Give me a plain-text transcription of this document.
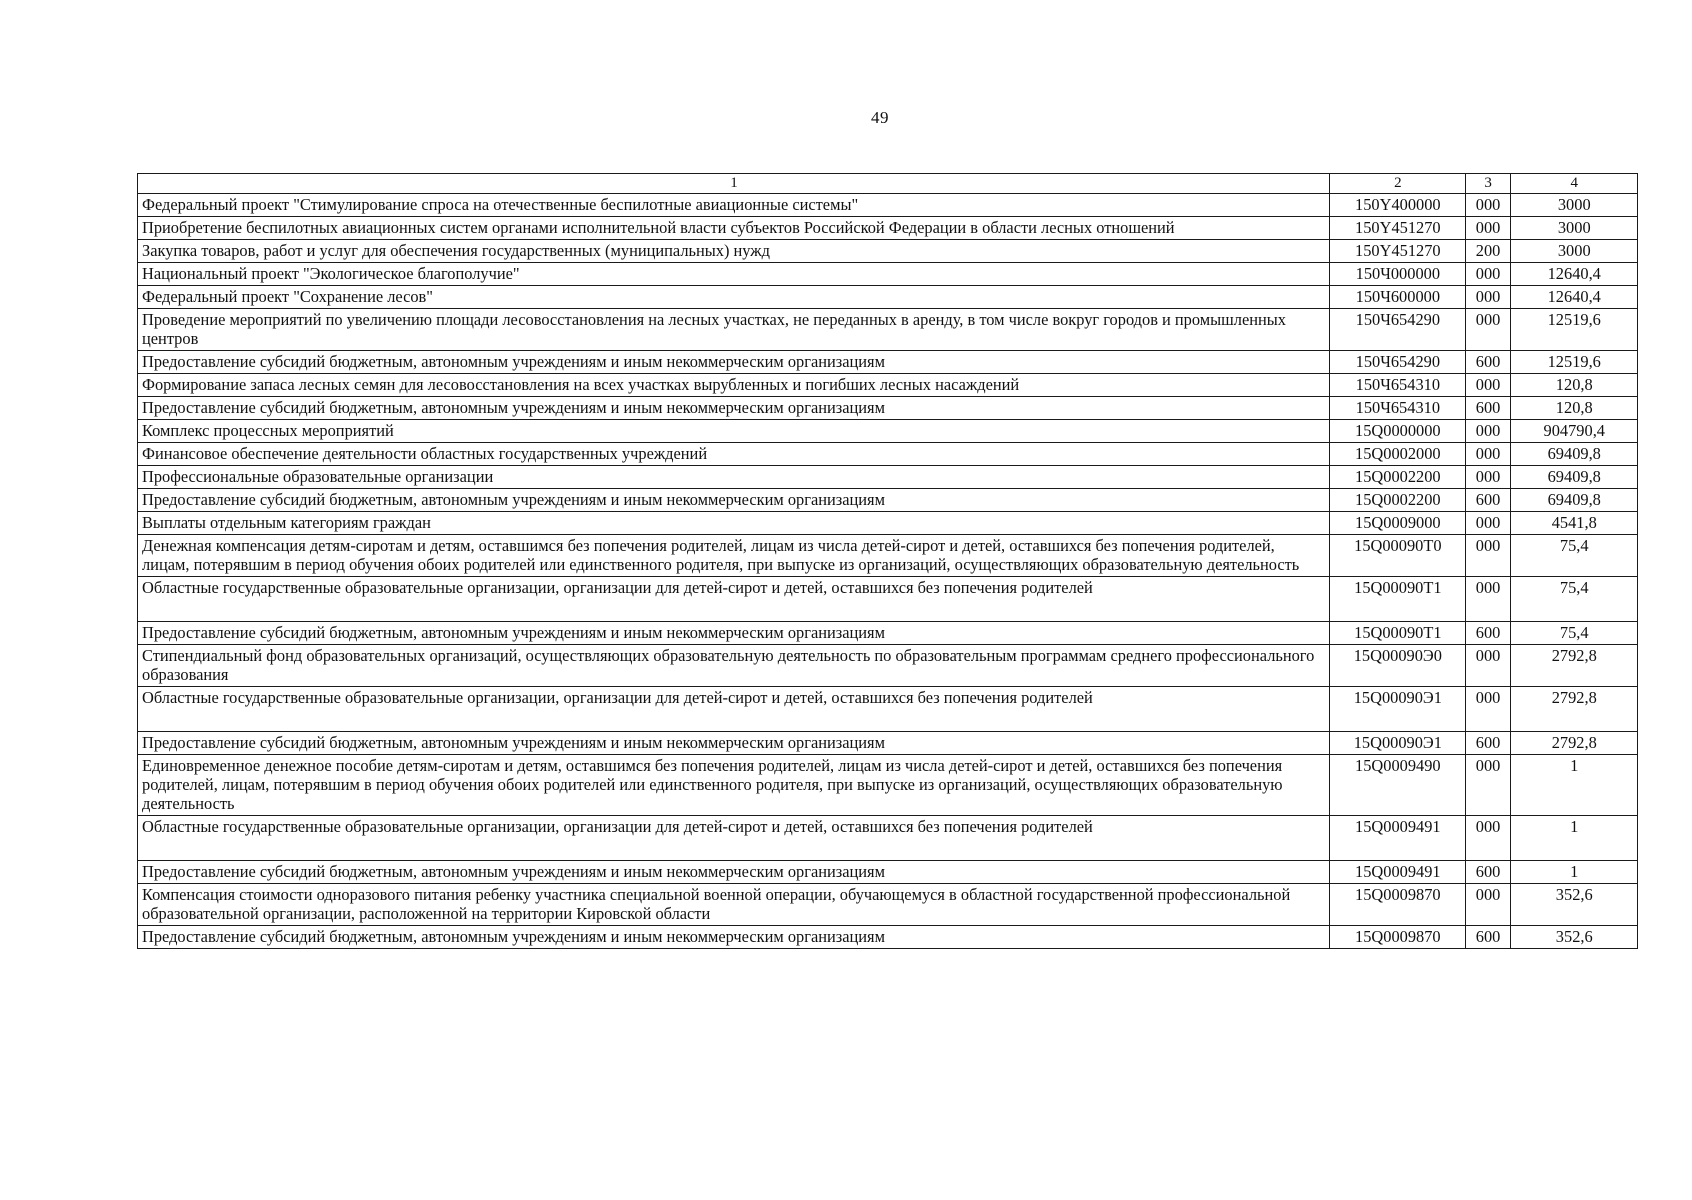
49
1	2	3	4
Федеральный проект "Стимулирование спроса на отечественные беспилотные авиационные системы"	150Y400000	000	3000
Приобретение беспилотных авиационных систем органами исполнительной власти субъектов Российской Федерации в области лесных отношений	150Y451270	000	3000
Закупка товаров, работ и услуг для обеспечения государственных (муниципальных) нужд	150Y451270	200	3000
Национальный проект "Экологическое благополучие"	150Ч000000	000	12640,4
Федеральный проект "Сохранение лесов"	150Ч600000	000	12640,4
Проведение мероприятий по увеличению площади лесовосстановления на лесных участках, не переданных в аренду, в том числе вокруг городов и промышленных центров	150Ч654290	000	12519,6
Предоставление субсидий бюджетным, автономным учреждениям и иным некоммерческим организациям	150Ч654290	600	12519,6
Формирование запаса лесных семян для лесовосстановления на всех участках вырубленных и погибших лесных насаждений	150Ч654310	000	120,8
Предоставление субсидий бюджетным, автономным учреждениям и иным некоммерческим организациям	150Ч654310	600	120,8
Комплекс процессных мероприятий	15Q0000000	000	904790,4
Финансовое обеспечение деятельности областных государственных учреждений	15Q0002000	000	69409,8
Профессиональные образовательные организации	15Q0002200	000	69409,8
Предоставление субсидий бюджетным, автономным учреждениям и иным некоммерческим организациям	15Q0002200	600	69409,8
Выплаты отдельным категориям граждан	15Q0009000	000	4541,8
Денежная компенсация детям-сиротам и детям, оставшимся без попечения родителей, лицам из числа детей-сирот и детей, оставшихся без попечения родителей, лицам, потерявшим в период обучения обоих родителей или единственного родителя, при выпуске из организаций, осуществляющих образовательную деятельность	15Q00090Т0	000	75,4
Областные государственные образовательные организации, организации для детей-сирот и детей, оставшихся без попечения родителей	15Q00090Т1	000	75,4
Предоставление субсидий бюджетным, автономным учреждениям и иным некоммерческим организациям	15Q00090Т1	600	75,4
Стипендиальный фонд образовательных организаций, осуществляющих образовательную деятельность по образовательным программам среднего профессионального образования	15Q00090Э0	000	2792,8
Областные государственные образовательные организации, организации для детей-сирот и детей, оставшихся без попечения родителей	15Q00090Э1	000	2792,8
Предоставление субсидий бюджетным, автономным учреждениям и иным некоммерческим организациям	15Q00090Э1	600	2792,8
Единовременное денежное пособие детям-сиротам и детям, оставшимся без попечения родителей, лицам из числа детей-сирот и детей, оставшихся без попечения родителей, лицам, потерявшим в период обучения обоих родителей или единственного родителя, при выпуске из организаций, осуществляющих образовательную деятельность	15Q0009490	000	1
Областные государственные образовательные организации, организации для детей-сирот и детей, оставшихся без попечения родителей	15Q0009491	000	1
Предоставление субсидий бюджетным, автономным учреждениям и иным некоммерческим организациям	15Q0009491	600	1
Компенсация стоимости одноразового питания ребенку участника специальной военной операции, обучающемуся в областной государственной профессиональной образовательной организации, расположенной на территории Кировской области	15Q0009870	000	352,6
Предоставление субсидий бюджетным, автономным учреждениям и иным некоммерческим организациям	15Q0009870	600	352,6
